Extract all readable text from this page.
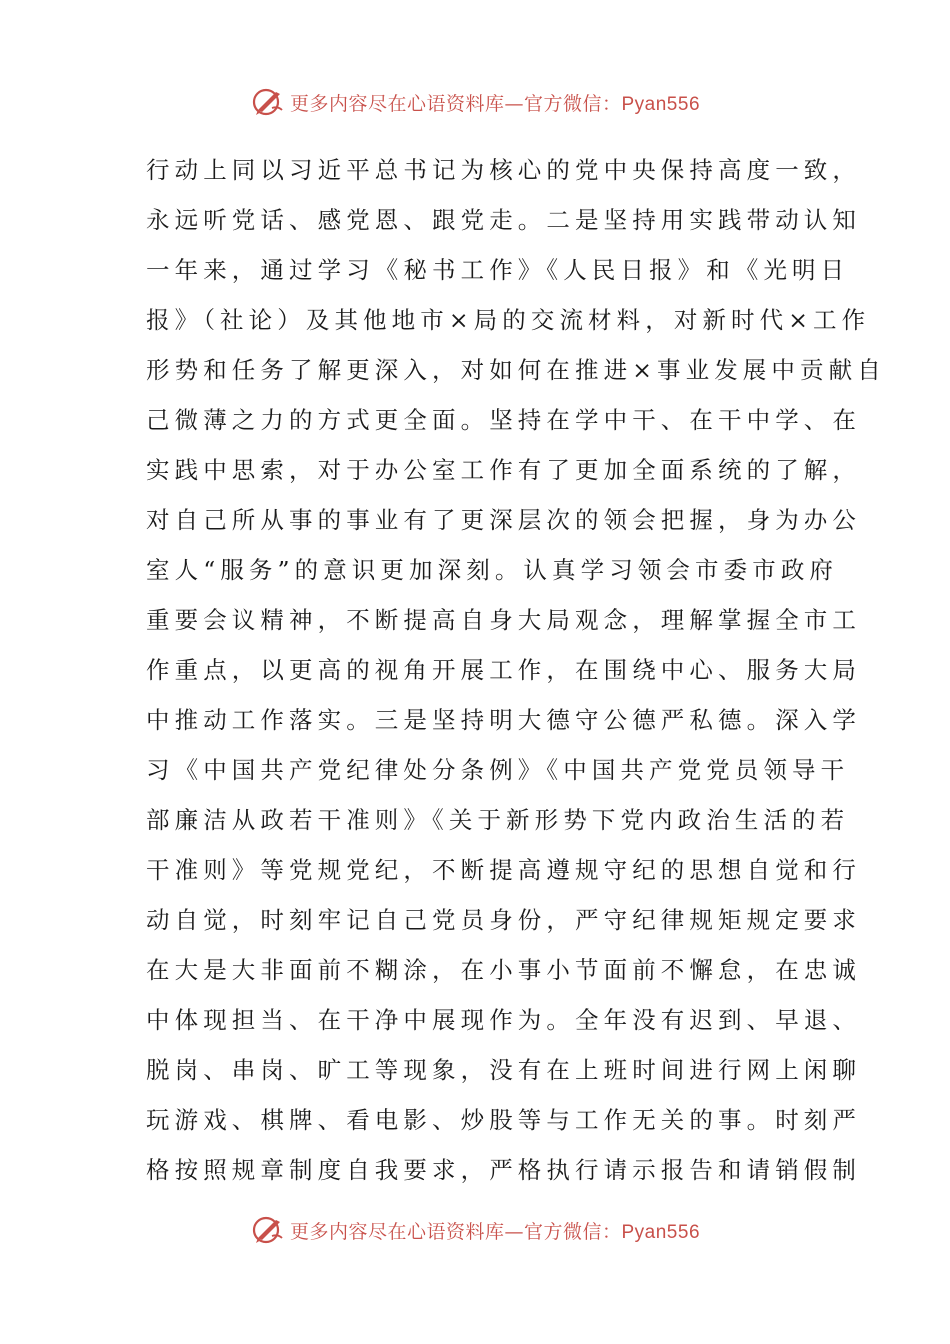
更多内容尽在心语资料库—官方微信：Pyan556
行动上同以习近平总书记为核心的党中央保持高度一致，
永远听党话、感党恩、跟党走。二是坚持用实践带动认知
一年来，通过学习《秘书工作》《人民日报》和《光明日
报》（社论）及其他地市×局的交流材料，对新时代×工作
形势和任务了解更深入，对如何在推进×事业发展中贡献自
己微薄之力的方式更全面。坚持在学中干、在干中学、在
实践中思索，对于办公室工作有了更加全面系统的了解，
对自己所从事的事业有了更深层次的领会把握，身为办公
室人“服务”的意识更加深刻。认真学习领会市委市政府
重要会议精神，不断提高自身大局观念，理解掌握全市工
作重点，以更高的视角开展工作，在围绕中心、服务大局
中推动工作落实。三是坚持明大德守公德严私德。深入学
习《中国共产党纪律处分条例》《中国共产党党员领导干
部廉洁从政若干准则》《关于新形势下党内政治生活的若
干准则》等党规党纪，不断提高遵规守纪的思想自觉和行
动自觉，时刻牢记自己党员身份，严守纪律规矩规定要求
在大是大非面前不糊涂，在小事小节面前不懈怠，在忠诚
中体现担当、在干净中展现作为。全年没有迟到、早退、
脱岗、串岗、旷工等现象，没有在上班时间进行网上闲聊
玩游戏、棋牌、看电影、炒股等与工作无关的事。时刻严
格按照规章制度自我要求，严格执行请示报告和请销假制
更多内容尽在心语资料库—官方微信：Pyan556
